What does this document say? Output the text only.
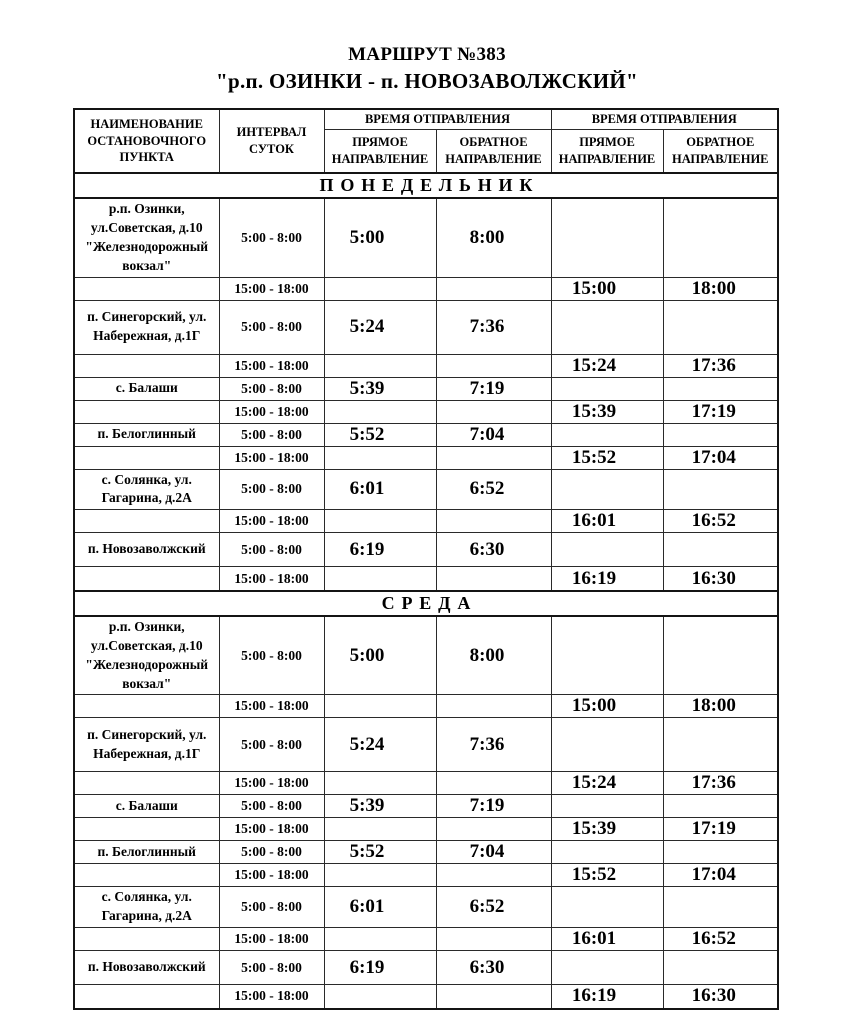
МАРШРУТ №383
"р.п. ОЗИНКИ - п. НОВОЗАВОЛЖСКИЙ"
НАИМЕНОВАНИЕ ОСТАНОВОЧНОГО ПУНКТА	ИНТЕРВАЛ СУТОК	ВРЕМЯ ОТПРАВЛЕНИЯ		ВРЕМЯ ОТПРАВЛЕНИЯ	
		ПРЯМОЕ НАПРАВЛЕНИЕ	ОБРАТНОЕ НАПРАВЛЕНИЕ	ПРЯМОЕ НАПРАВЛЕНИЕ	ОБРАТНОЕ НАПРАВЛЕНИЕ
ПОНЕДЕЛЬНИК					
р.п. Озинки, ул.Советская, д.10 "Железнодорожный вокзал"	5:00 - 8:00	5:00	8:00		
	15:00 - 18:00			15:00	18:00
п. Синегорский, ул. Набережная, д.1Г	5:00 - 8:00	5:24	7:36		
	15:00 - 18:00			15:24	17:36
с. Балаши	5:00 - 8:00	5:39	7:19		
	15:00 - 18:00			15:39	17:19
п. Белоглинный	5:00 - 8:00	5:52	7:04		
	15:00 - 18:00			15:52	17:04
с. Солянка, ул. Гагарина, д.2А	5:00 - 8:00	6:01	6:52		
	15:00 - 18:00			16:01	16:52
п. Новозаволжский	5:00 - 8:00	6:19	6:30		
	15:00 - 18:00			16:19	16:30
СРЕДА					
р.п. Озинки, ул.Советская, д.10 "Железнодорожный вокзал"	5:00 - 8:00	5:00	8:00		
	15:00 - 18:00			15:00	18:00
п. Синегорский, ул. Набережная, д.1Г	5:00 - 8:00	5:24	7:36		
	15:00 - 18:00			15:24	17:36
с. Балаши	5:00 - 8:00	5:39	7:19		
	15:00 - 18:00			15:39	17:19
п. Белоглинный	5:00 - 8:00	5:52	7:04		
	15:00 - 18:00			15:52	17:04
с. Солянка, ул. Гагарина, д.2А	5:00 - 8:00	6:01	6:52		
	15:00 - 18:00			16:01	16:52
п. Новозаволжский	5:00 - 8:00	6:19	6:30		
	15:00 - 18:00			16:19	16:30
